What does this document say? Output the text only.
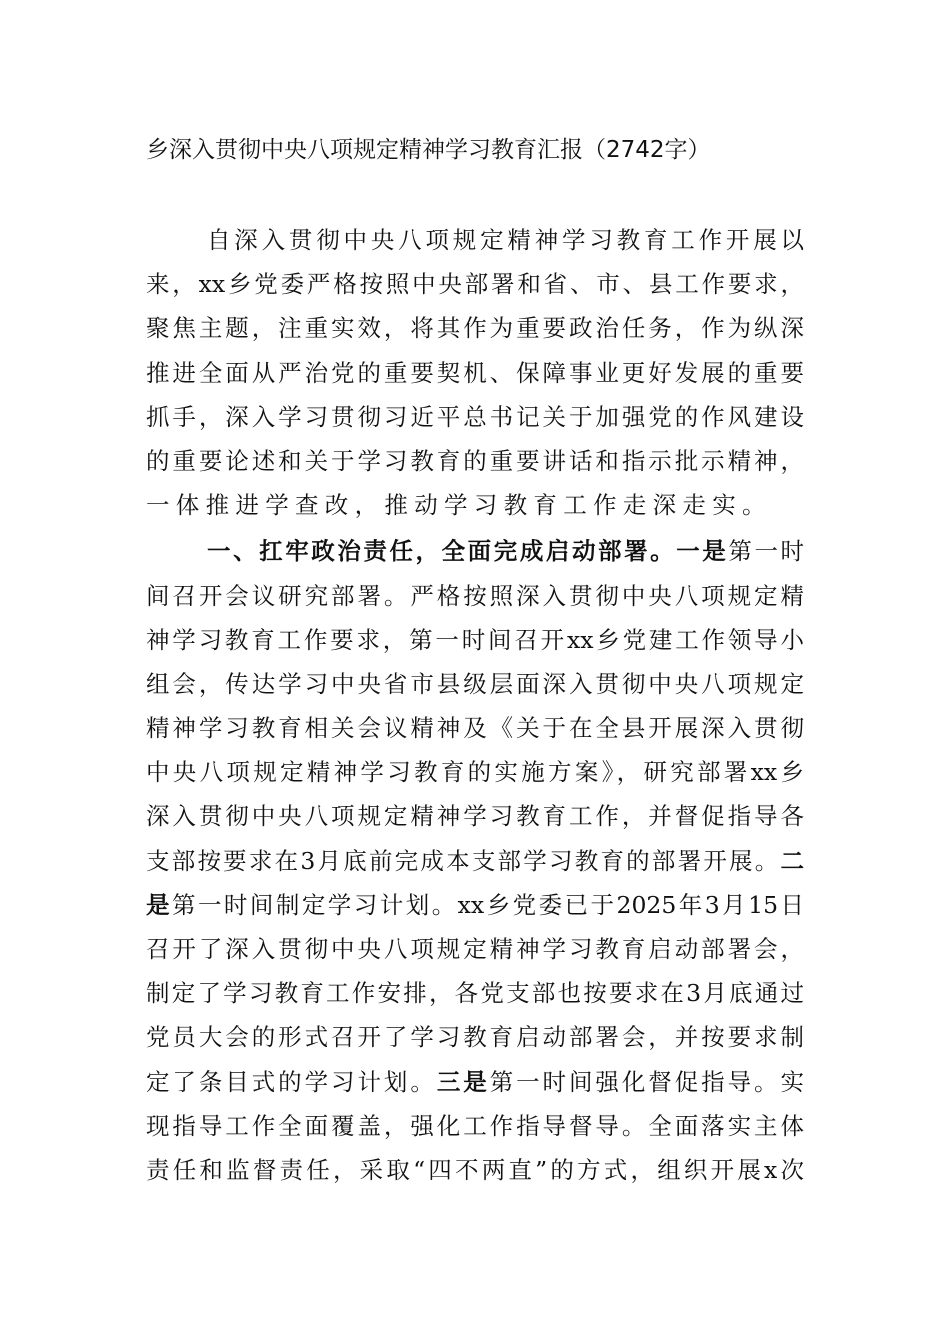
乡深入贯彻中央八项规定精神学习教育汇报（2742字）
自深入贯彻中央八项规定精神学习教育工作开展以
来，xx乡党委严格按照中央部署和省、市、县工作要求，
聚焦主题，注重实效，将其作为重要政治任务，作为纵深
推进全面从严治党的重要契机、保障事业更好发展的重要
抓手，深入学习贯彻习近平总书记关于加强党的作风建设
的重要论述和关于学习教育的重要讲话和指示批示精神，
一体推进学查改，推动学习教育工作走深走实。
一、扛牢政治责任，全面完成启动部署。一是第一时
间召开会议研究部署。严格按照深入贯彻中央八项规定精
神学习教育工作要求，第一时间召开xx乡党建工作领导小
组会，传达学习中央省市县级层面深入贯彻中央八项规定
精神学习教育相关会议精神及《关于在全县开展深入贯彻
中央八项规定精神学习教育的实施方案》，研究部署xx乡
深入贯彻中央八项规定精神学习教育工作，并督促指导各
支部按要求在3月底前完成本支部学习教育的部署开展。二
是第一时间制定学习计划。xx乡党委已于2025年3月15日
召开了深入贯彻中央八项规定精神学习教育启动部署会，
制定了学习教育工作安排，各党支部也按要求在3月底通过
党员大会的形式召开了学习教育启动部署会，并按要求制
定了条目式的学习计划。三是第一时间强化督促指导。实
现指导工作全面覆盖，强化工作指导督导。全面落实主体
责任和监督责任，采取“四不两直”的方式，组织开展x次
